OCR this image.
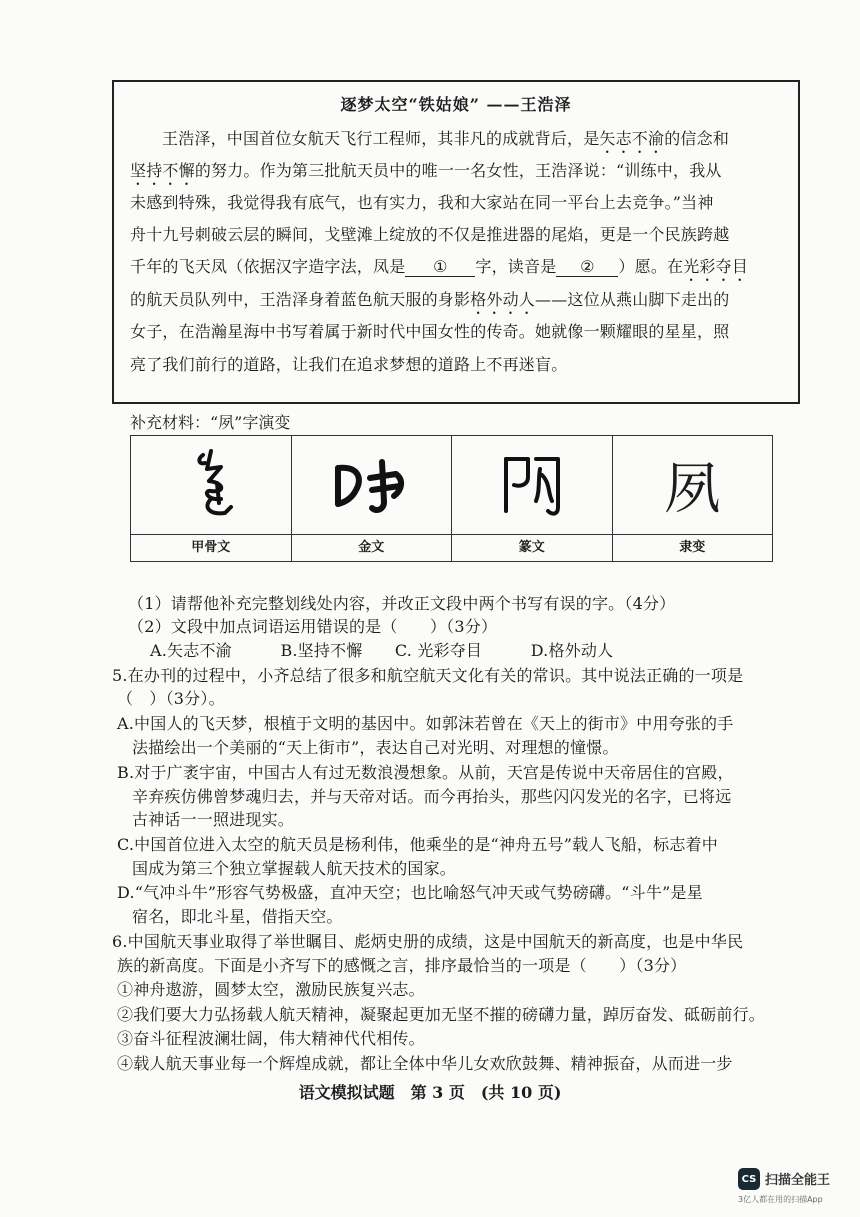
逐梦太空“铁姑娘” ——王浩泽
王浩泽，中国首位女航天飞行工程师，其非凡的成就背后，是矢志不渝的信念和
坚持不懈的努力。作为第三批航天员中的唯一一名女性，王浩泽说：“训练中，我从
未感到特殊，我觉得我有底气，也有实力，我和大家站在同一平台上去竞争。”当神
舟十九号刺破云层的瞬间，戈壁滩上绽放的不仅是推进器的尾焰，更是一个民族跨越
千年的飞天凤（依据汉字造字法，凤是 ① 字，读音是 ② ）愿。在光彩夺目
的航天员队列中，王浩泽身着蓝色航天服的身影格外动人——这位从燕山脚下走出的
女子，在浩瀚星海中书写着属于新时代中国女性的传奇。她就像一颗耀眼的星星，照
亮了我们前行的道路，让我们在追求梦想的道路上不再迷盲。
补充材料：“夙”字演变
甲骨文	金文	篆文
夙
隶变
（1）请帮他补充完整划线处内容，并改正文段中两个书写有误的字。（4分）
（2）文段中加点词语运用错误的是（　　）（3分）
A.矢志不渝　　　B.坚持不懈　　C. 光彩夺目　　　D.格外动人
5.在办刊的过程中，小齐总结了很多和航空航天文化有关的常识。其中说法正确的一项是
（　）（3分）。
A.中国人的飞天梦，根植于文明的基因中。如郭沫若曾在《天上的街市》中用夸张的手
法描绘出一个美丽的“天上街市”，表达自己对光明、对理想的憧憬。
B.对于广袤宇宙，中国古人有过无数浪漫想象。从前，天宫是传说中天帝居住的宫殿，
辛弃疾仿佛曾梦魂归去，并与天帝对话。而今再抬头，那些闪闪发光的名字，已将远
古神话一一照进现实。
C.中国首位进入太空的航天员是杨利伟，他乘坐的是“神舟五号”载人飞船，标志着中
国成为第三个独立掌握载人航天技术的国家。
D.“气冲斗牛”形容气势极盛，直冲天空；也比喻怒气冲天或气势磅礴。“斗牛”是星
宿名，即北斗星，借指天空。
6.中国航天事业取得了举世瞩目、彪炳史册的成绩，这是中国航天的新高度，也是中华民
族的新高度。下面是小齐写下的感慨之言，排序最恰当的一项是（　　）（3分）
①神舟遨游，圆梦太空，激励民族复兴志。
②我们要大力弘扬载人航天精神，凝聚起更加无坚不摧的磅礴力量，踔厉奋发、砥砺前行。
③奋斗征程波澜壮阔，伟大精神代代相传。
④载人航天事业每一个辉煌成就，都让全体中华儿女欢欣鼓舞、精神振奋，从而进一步
语文模拟试题　第 3 页　(共 10 页)
CS 扫描全能王
3亿人都在用的扫描App
